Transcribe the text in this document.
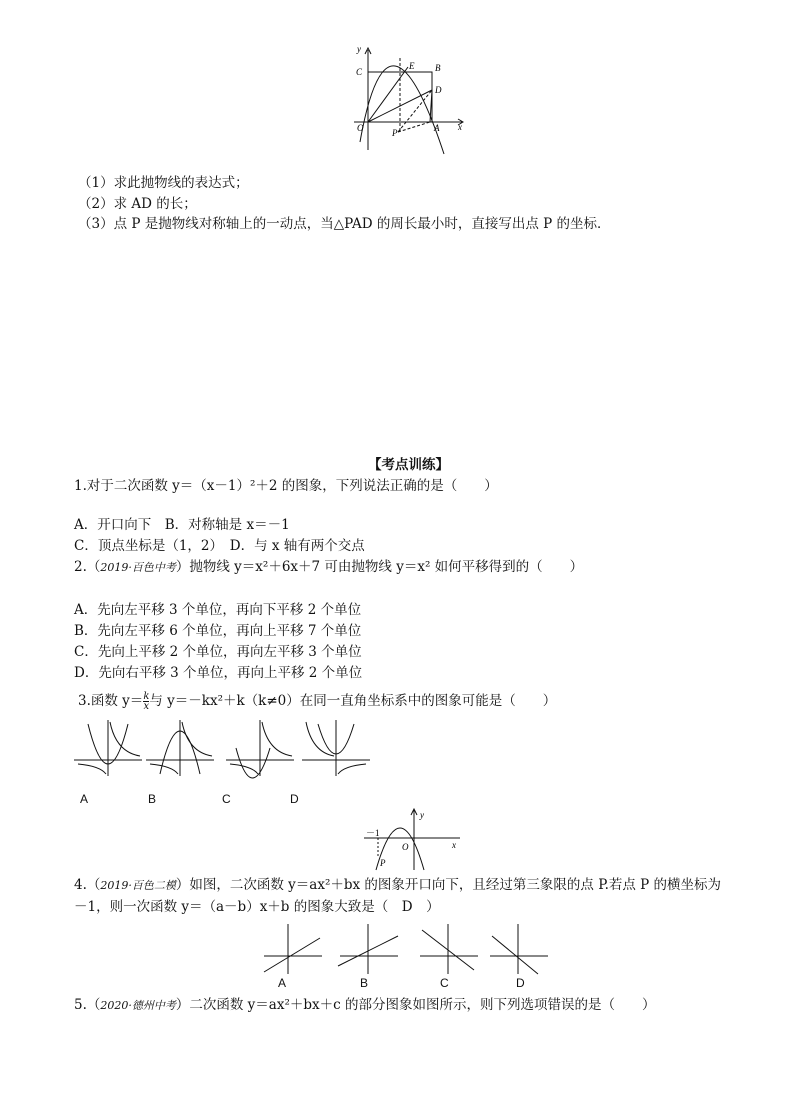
y
C
E B
D
O	P	A x
（1）求此抛物线的表达式；
（2）求 AD 的长；
（3）点 P 是抛物线对称轴上的一动点，当△PAD 的周长最小时，直接写出点 P 的坐标．
【考点训练】
1.对于二次函数 y＝（x－1）²＋2 的图象，下列说法正确的是（　　）
A．开口向下　B．对称轴是 x＝－1
C．顶点坐标是（1，2）　D．与 x 轴有两个交点
2.（2019·百色中考）抛物线 y＝x²＋6x＋7 可由抛物线 y＝x² 如何平移得到的（　　）
A．先向左平移 3 个单位，再向下平移 2 个单位
B．先向左平移 6 个单位，再向上平移 7 个单位
C．先向上平移 2 个单位，再向左平移 3 个单位
D．先向右平移 3 个单位，再向上平移 2 个单位
3.函数 $y= \frac{k}{x}$ 与 y＝－kx²＋k（k≠0）在同一直角坐标系中的图象可能是（　　）
A	B	C	D
y
－1
O	x
P
4.（2019·百色二模）如图，二次函数 y＝ax²＋bx 的图象开口向下，且经过第三象限的点 P.若点 P 的横坐标为
－1，则一次函数 y＝（a－b）x＋b 的图象大致是（　D　）
A	B	C	D
5.（2020·德州中考）二次函数 y＝ax²＋bx＋c 的部分图象如图所示，则下列选项错误的是（　　）
